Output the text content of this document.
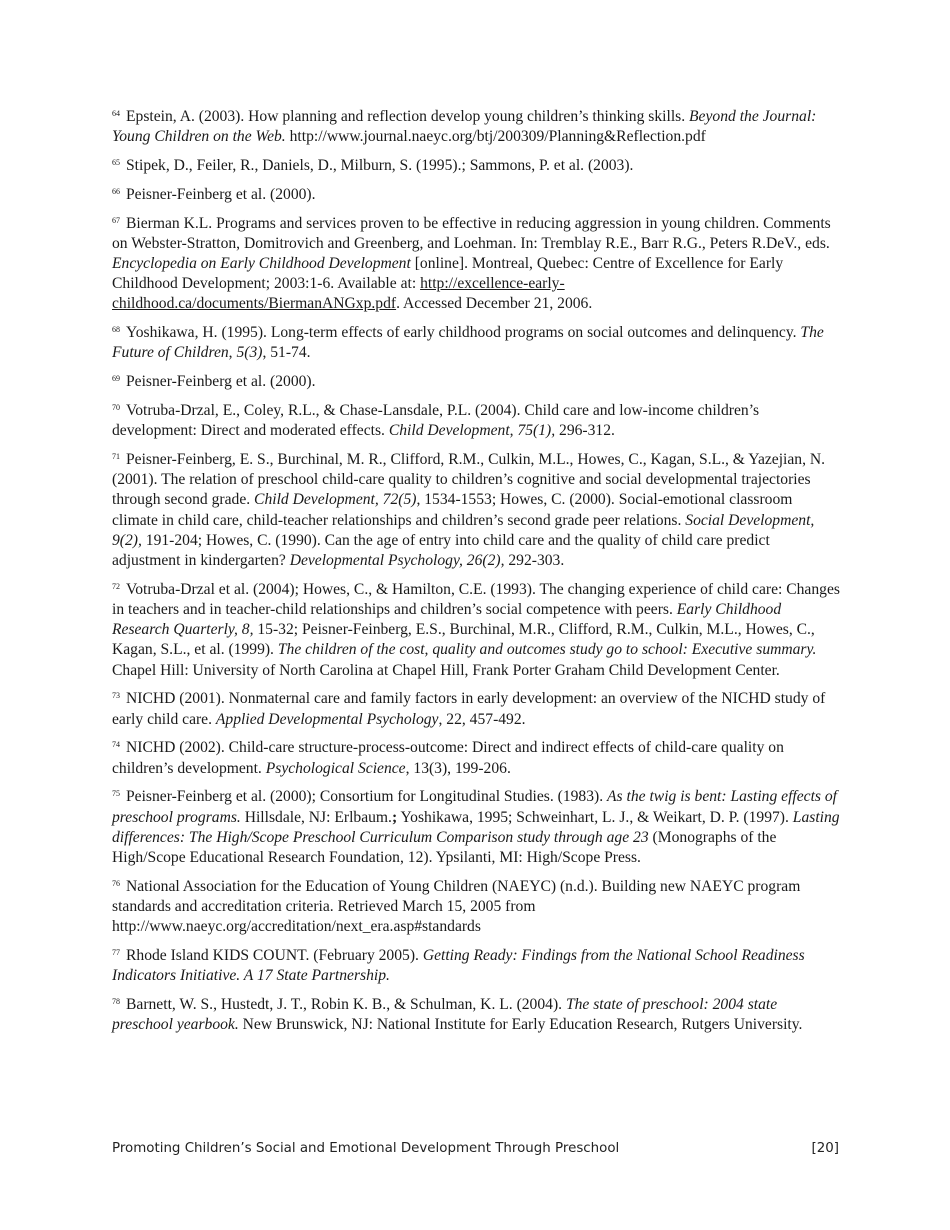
$^{64}$ Epstein, A. (2003). How planning and reflection develop young children’s thinking skills. Beyond the Journal: Young Children on the Web. http://www.journal.naeyc.org/btj/200309/Planning&Reflection.pdf

$^{65}$ Stipek, D., Feiler, R., Daniels, D., Milburn, S. (1995).; Sammons, P. et al. (2003).

$^{66}$ Peisner-Feinberg et al. (2000).

$^{67}$ Bierman K.L. Programs and services proven to be effective in reducing aggression in young children. Comments on Webster-Stratton, Domitrovich and Greenberg, and Loehman. In: Tremblay R.E., Barr R.G., Peters R.DeV., eds. Encyclopedia on Early Childhood Development [online]. Montreal, Quebec: Centre of Excellence for Early Childhood Development; 2003:1-6. Available at: http://excellence-early-childhood.ca/documents/BiermanANGxp.pdf. Accessed December 21, 2006.

$^{68}$ Yoshikawa, H. (1995). Long-term effects of early childhood programs on social outcomes and delinquency. The Future of Children, 5(3), 51-74.

$^{69}$ Peisner-Feinberg et al. (2000).

$^{70}$ Votruba-Drzal, E., Coley, R.L., & Chase-Lansdale, P.L. (2004). Child care and low-income children’s development: Direct and moderated effects. Child Development, 75(1), 296-312.

$^{71}$ Peisner-Feinberg, E. S., Burchinal, M. R., Clifford, R.M., Culkin, M.L., Howes, C., Kagan, S.L., & Yazejian, N. (2001). The relation of preschool child-care quality to children’s cognitive and social developmental trajectories through second grade. Child Development, 72(5), 1534-1553; Howes, C. (2000). Social-emotional classroom climate in child care, child-teacher relationships and children’s second grade peer relations. Social Development, 9(2), 191-204; Howes, C. (1990). Can the age of entry into child care and the quality of child care predict adjustment in kindergarten? Developmental Psychology, 26(2), 292-303.

$^{72}$ Votruba-Drzal et al. (2004); Howes, C., & Hamilton, C.E. (1993). The changing experience of child care: Changes in teachers and in teacher-child relationships and children’s social competence with peers. Early Childhood Research Quarterly, 8, 15-32; Peisner-Feinberg, E.S., Burchinal, M.R., Clifford, R.M., Culkin, M.L., Howes, C., Kagan, S.L., et al. (1999). The children of the cost, quality and outcomes study go to school: Executive summary. Chapel Hill: University of North Carolina at Chapel Hill, Frank Porter Graham Child Development Center.

$^{73}$ NICHD (2001). Nonmaternal care and family factors in early development: an overview of the NICHD study of early child care. Applied Developmental Psychology, 22, 457-492.

$^{74}$ NICHD (2002). Child-care structure-process-outcome: Direct and indirect effects of child-care quality on children’s development. Psychological Science, 13(3), 199-206.

$^{75}$ Peisner-Feinberg et al. (2000); Consortium for Longitudinal Studies. (1983). As the twig is bent: Lasting effects of preschool programs. Hillsdale, NJ: Erlbaum.; Yoshikawa, 1995; Schweinhart, L. J., & Weikart, D. P. (1997). Lasting differences: The High/Scope Preschool Curriculum Comparison study through age 23 (Monographs of the High/Scope Educational Research Foundation, 12). Ypsilanti, MI: High/Scope Press.

$^{76}$ National Association for the Education of Young Children (NAEYC) (n.d.). Building new NAEYC program standards and accreditation criteria. Retrieved March 15, 2005 from http://www.naeyc.org/accreditation/next_era.asp#standards

$^{77}$ Rhode Island KIDS COUNT. (February 2005). Getting Ready: Findings from the National School Readiness Indicators Initiative. A 17 State Partnership.

$^{78}$ Barnett, W. S., Hustedt, J. T., Robin K. B., & Schulman, K. L. (2004). The state of preschool: 2004 state preschool yearbook. New Brunswick, NJ: National Institute for Early Education Research, Rutgers University.

Promoting Children’s Social and Emotional Development Through Preschool	[20]
